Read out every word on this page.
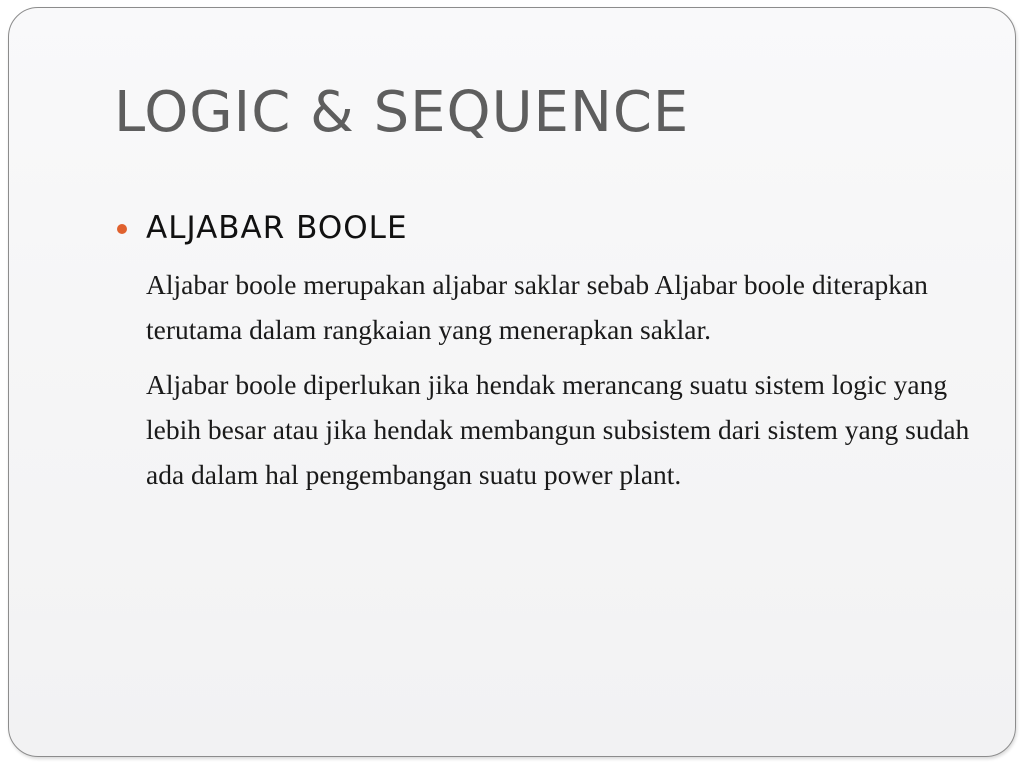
LOGIC & SEQUENCE
ALJABAR BOOLE

Aljabar boole merupakan aljabar saklar sebab Aljabar boole diterapkan terutama dalam rangkaian yang menerapkan saklar.

Aljabar boole diperlukan jika hendak merancang suatu sistem logic yang lebih besar atau jika hendak membangun subsistem dari sistem yang sudah ada dalam hal pengembangan suatu power plant.
